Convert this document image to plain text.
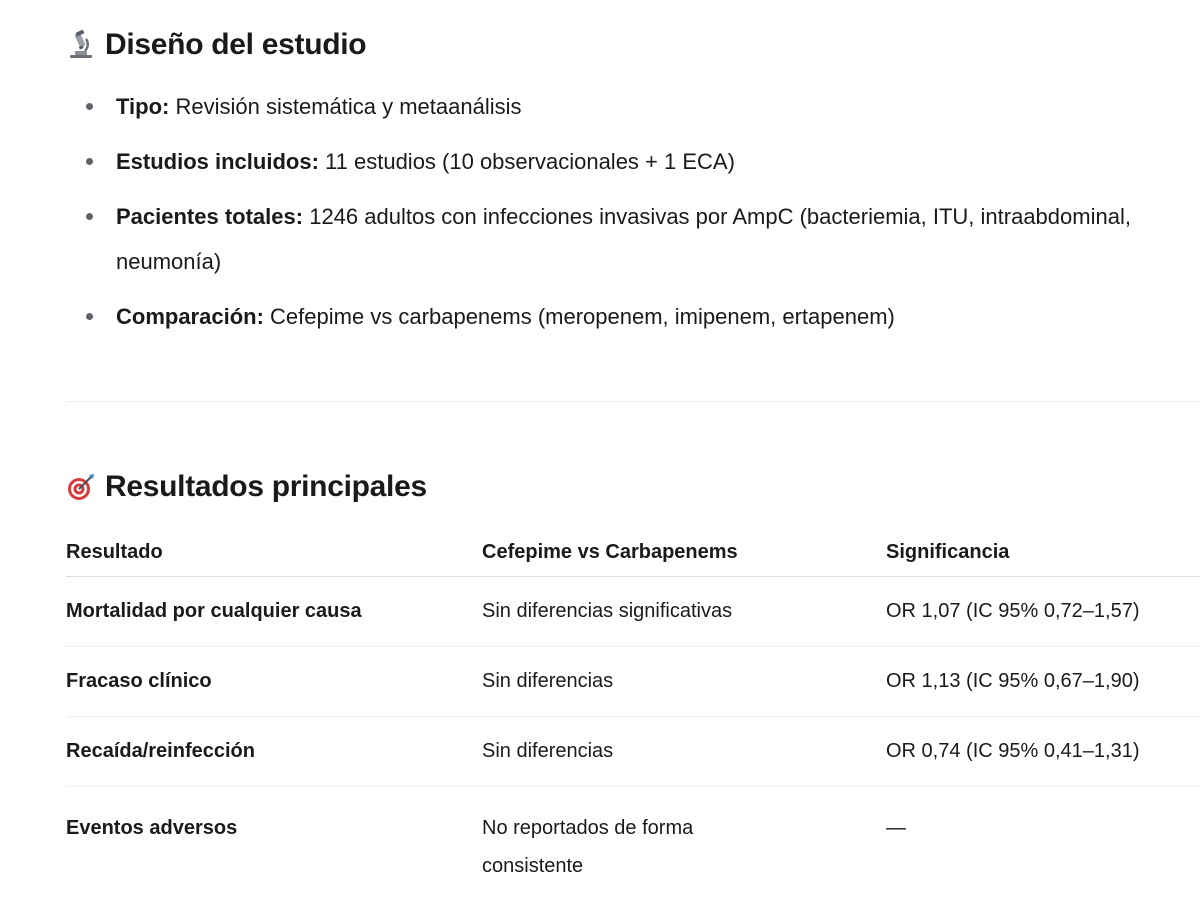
Diseño del estudio
Tipo: Revisión sistemática y metaanálisis
Estudios incluidos: 11 estudios (10 observacionales + 1 ECA)
Pacientes totales: 1246 adultos con infecciones invasivas por AmpC (bacteriemia, ITU, intraabdominal, neumonía)
Comparación: Cefepime vs carbapenems (meropenem, imipenem, ertapenem)
Resultados principales
Resultado	Cefepime vs Carbapenems	Significancia
Mortalidad por cualquier causa	Sin diferencias significativas	OR 1,07 (IC 95% 0,72–1,57)
Fracaso clínico	Sin diferencias	OR 1,13 (IC 95% 0,67–1,90)
Recaída/reinfección	Sin diferencias	OR 0,74 (IC 95% 0,41–1,31)
Eventos adversos	No reportados de forma consistente	—
